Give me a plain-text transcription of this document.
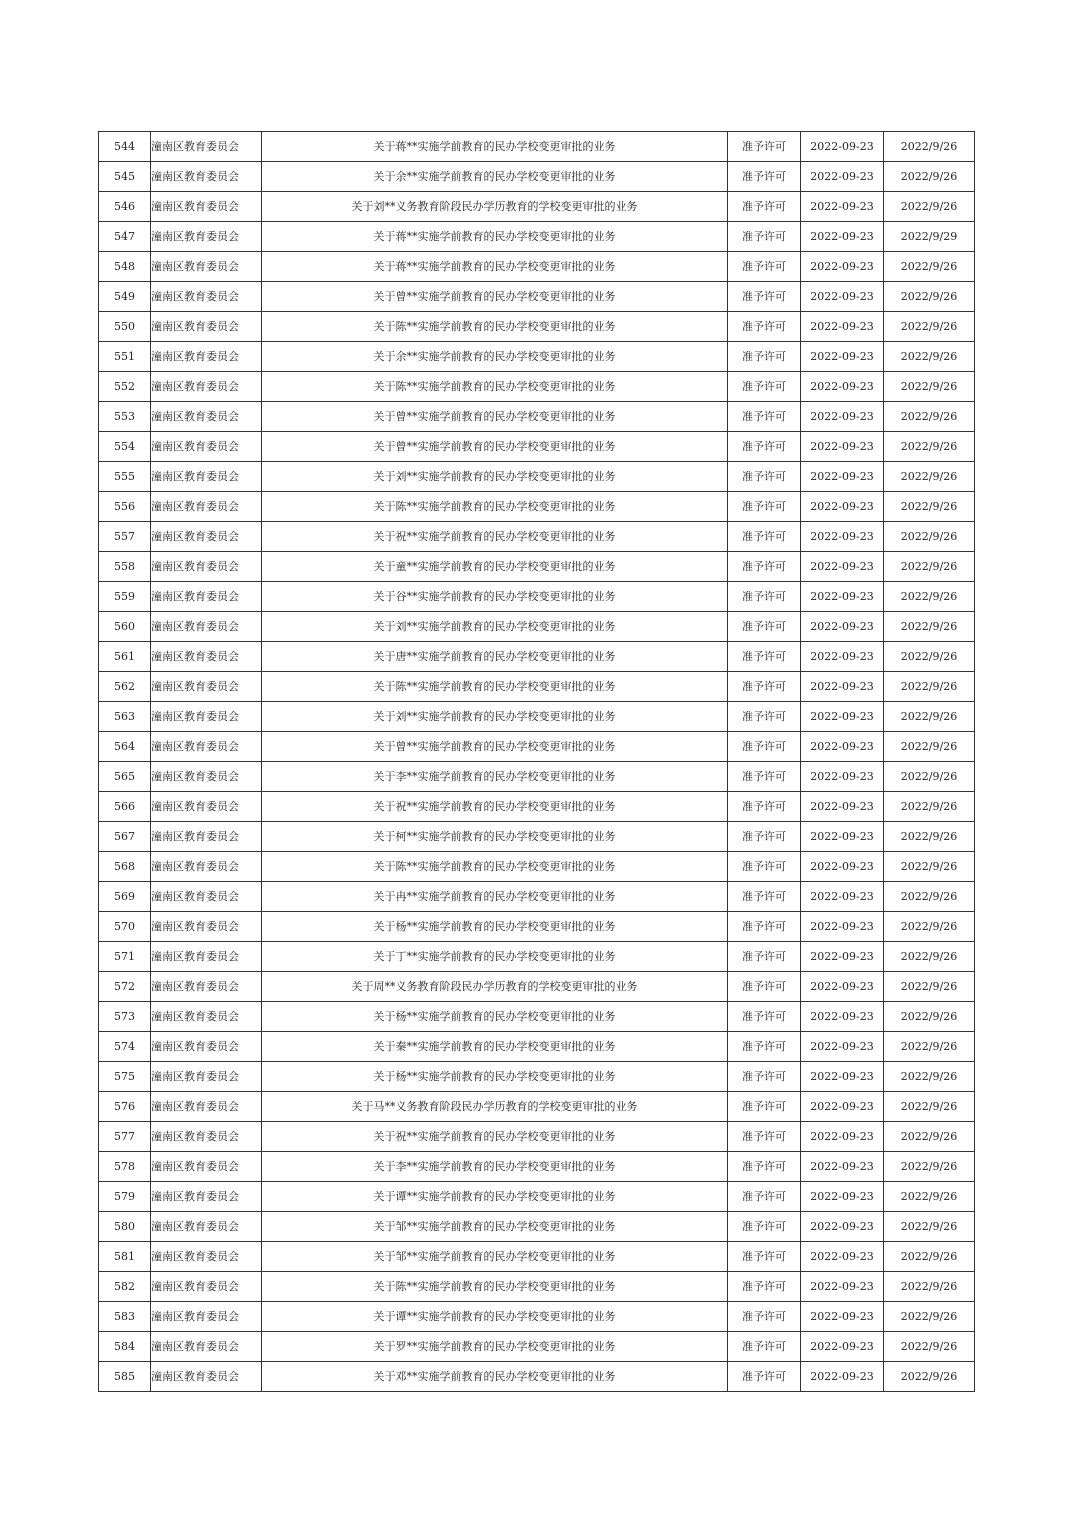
544	潼南区教育委员会	关于蒋**实施学前教育的民办学校变更审批的业务	准予许可	2022-09-23	2022/9/26
545	潼南区教育委员会	关于余**实施学前教育的民办学校变更审批的业务	准予许可	2022-09-23	2022/9/26
546	潼南区教育委员会	关于刘**义务教育阶段民办学历教育的学校变更审批的业务	准予许可	2022-09-23	2022/9/26
547	潼南区教育委员会	关于蒋**实施学前教育的民办学校变更审批的业务	准予许可	2022-09-23	2022/9/29
548	潼南区教育委员会	关于蒋**实施学前教育的民办学校变更审批的业务	准予许可	2022-09-23	2022/9/26
549	潼南区教育委员会	关于曾**实施学前教育的民办学校变更审批的业务	准予许可	2022-09-23	2022/9/26
550	潼南区教育委员会	关于陈**实施学前教育的民办学校变更审批的业务	准予许可	2022-09-23	2022/9/26
551	潼南区教育委员会	关于余**实施学前教育的民办学校变更审批的业务	准予许可	2022-09-23	2022/9/26
552	潼南区教育委员会	关于陈**实施学前教育的民办学校变更审批的业务	准予许可	2022-09-23	2022/9/26
553	潼南区教育委员会	关于曾**实施学前教育的民办学校变更审批的业务	准予许可	2022-09-23	2022/9/26
554	潼南区教育委员会	关于曾**实施学前教育的民办学校变更审批的业务	准予许可	2022-09-23	2022/9/26
555	潼南区教育委员会	关于刘**实施学前教育的民办学校变更审批的业务	准予许可	2022-09-23	2022/9/26
556	潼南区教育委员会	关于陈**实施学前教育的民办学校变更审批的业务	准予许可	2022-09-23	2022/9/26
557	潼南区教育委员会	关于祝**实施学前教育的民办学校变更审批的业务	准予许可	2022-09-23	2022/9/26
558	潼南区教育委员会	关于童**实施学前教育的民办学校变更审批的业务	准予许可	2022-09-23	2022/9/26
559	潼南区教育委员会	关于谷**实施学前教育的民办学校变更审批的业务	准予许可	2022-09-23	2022/9/26
560	潼南区教育委员会	关于刘**实施学前教育的民办学校变更审批的业务	准予许可	2022-09-23	2022/9/26
561	潼南区教育委员会	关于唐**实施学前教育的民办学校变更审批的业务	准予许可	2022-09-23	2022/9/26
562	潼南区教育委员会	关于陈**实施学前教育的民办学校变更审批的业务	准予许可	2022-09-23	2022/9/26
563	潼南区教育委员会	关于刘**实施学前教育的民办学校变更审批的业务	准予许可	2022-09-23	2022/9/26
564	潼南区教育委员会	关于曾**实施学前教育的民办学校变更审批的业务	准予许可	2022-09-23	2022/9/26
565	潼南区教育委员会	关于李**实施学前教育的民办学校变更审批的业务	准予许可	2022-09-23	2022/9/26
566	潼南区教育委员会	关于祝**实施学前教育的民办学校变更审批的业务	准予许可	2022-09-23	2022/9/26
567	潼南区教育委员会	关于柯**实施学前教育的民办学校变更审批的业务	准予许可	2022-09-23	2022/9/26
568	潼南区教育委员会	关于陈**实施学前教育的民办学校变更审批的业务	准予许可	2022-09-23	2022/9/26
569	潼南区教育委员会	关于冉**实施学前教育的民办学校变更审批的业务	准予许可	2022-09-23	2022/9/26
570	潼南区教育委员会	关于杨**实施学前教育的民办学校变更审批的业务	准予许可	2022-09-23	2022/9/26
571	潼南区教育委员会	关于丁**实施学前教育的民办学校变更审批的业务	准予许可	2022-09-23	2022/9/26
572	潼南区教育委员会	关于周**义务教育阶段民办学历教育的学校变更审批的业务	准予许可	2022-09-23	2022/9/26
573	潼南区教育委员会	关于杨**实施学前教育的民办学校变更审批的业务	准予许可	2022-09-23	2022/9/26
574	潼南区教育委员会	关于秦**实施学前教育的民办学校变更审批的业务	准予许可	2022-09-23	2022/9/26
575	潼南区教育委员会	关于杨**实施学前教育的民办学校变更审批的业务	准予许可	2022-09-23	2022/9/26
576	潼南区教育委员会	关于马**义务教育阶段民办学历教育的学校变更审批的业务	准予许可	2022-09-23	2022/9/26
577	潼南区教育委员会	关于祝**实施学前教育的民办学校变更审批的业务	准予许可	2022-09-23	2022/9/26
578	潼南区教育委员会	关于李**实施学前教育的民办学校变更审批的业务	准予许可	2022-09-23	2022/9/26
579	潼南区教育委员会	关于谭**实施学前教育的民办学校变更审批的业务	准予许可	2022-09-23	2022/9/26
580	潼南区教育委员会	关于邹**实施学前教育的民办学校变更审批的业务	准予许可	2022-09-23	2022/9/26
581	潼南区教育委员会	关于邹**实施学前教育的民办学校变更审批的业务	准予许可	2022-09-23	2022/9/26
582	潼南区教育委员会	关于陈**实施学前教育的民办学校变更审批的业务	准予许可	2022-09-23	2022/9/26
583	潼南区教育委员会	关于谭**实施学前教育的民办学校变更审批的业务	准予许可	2022-09-23	2022/9/26
584	潼南区教育委员会	关于罗**实施学前教育的民办学校变更审批的业务	准予许可	2022-09-23	2022/9/26
585	潼南区教育委员会	关于邓**实施学前教育的民办学校变更审批的业务	准予许可	2022-09-23	2022/9/26
